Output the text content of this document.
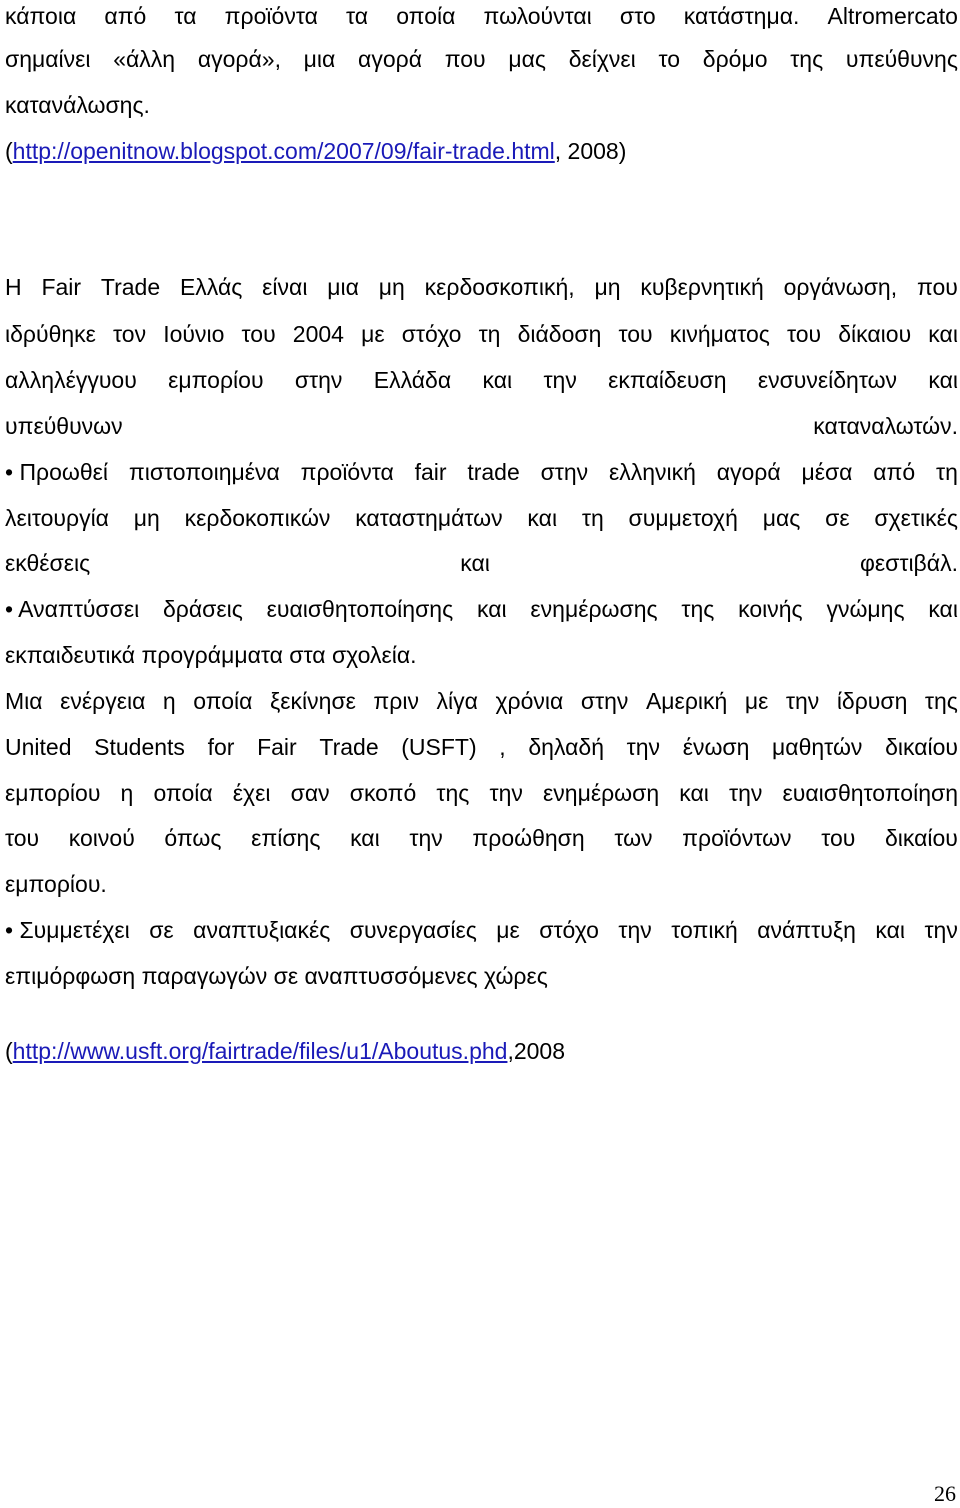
κάποια από τα προϊόντα τα οποία πωλούνται στο κατάστημα. Altromercato
σημαίνει «άλλη αγορά», μια αγορά που μας δείχνει το δρόμο της υπεύθυνης
κατανάλωσης.
(http://openitnow.blogspot.com/2007/09/fair-trade.html, 2008)
Η Fair Trade Ελλάς είναι μια μη κερδοσκοπική, μη κυβερνητική οργάνωση, που
ιδρύθηκε τον Ιούνιο του 2004 με στόχο τη διάδοση του κινήματος του δίκαιου και
αλληλέγγυου εμπορίου στην Ελλάδα και την εκπαίδευση ενσυνείδητων και
υπεύθυνων	καταναλωτών.
• Προωθεί πιστοποιημένα προϊόντα fair trade στην ελληνική αγορά μέσα από τη
λειτουργία μη κερδοκοπικών καταστημάτων και τη συμμετοχή μας σε σχετικές
εκθέσεις	και	φεστιβάλ.
• Αναπτύσσει δράσεις ευαισθητοποίησης και ενημέρωσης της κοινής γνώμης και
εκπαιδευτικά προγράμματα στα σχολεία.
Μια ενέργεια η οποία ξεκίνησε πριν λίγα χρόνια στην Αμερική με την ίδρυση της
United Students for Fair Trade (USFT) , δηλαδή την ένωση μαθητών δικαίου
εμπορίου η οποία έχει σαν σκοπό της την ενημέρωση και την ευαισθητοποίηση
του κοινού όπως επίσης και την προώθηση των προϊόντων του δικαίου
εμπορίου.
• Συμμετέχει σε αναπτυξιακές συνεργασίες με στόχο την τοπική ανάπτυξη και την
επιμόρφωση παραγωγών σε αναπτυσσόμενες χώρες
(http://www.usft.org/fairtrade/files/u1/Aboutus.phd,2008
26
